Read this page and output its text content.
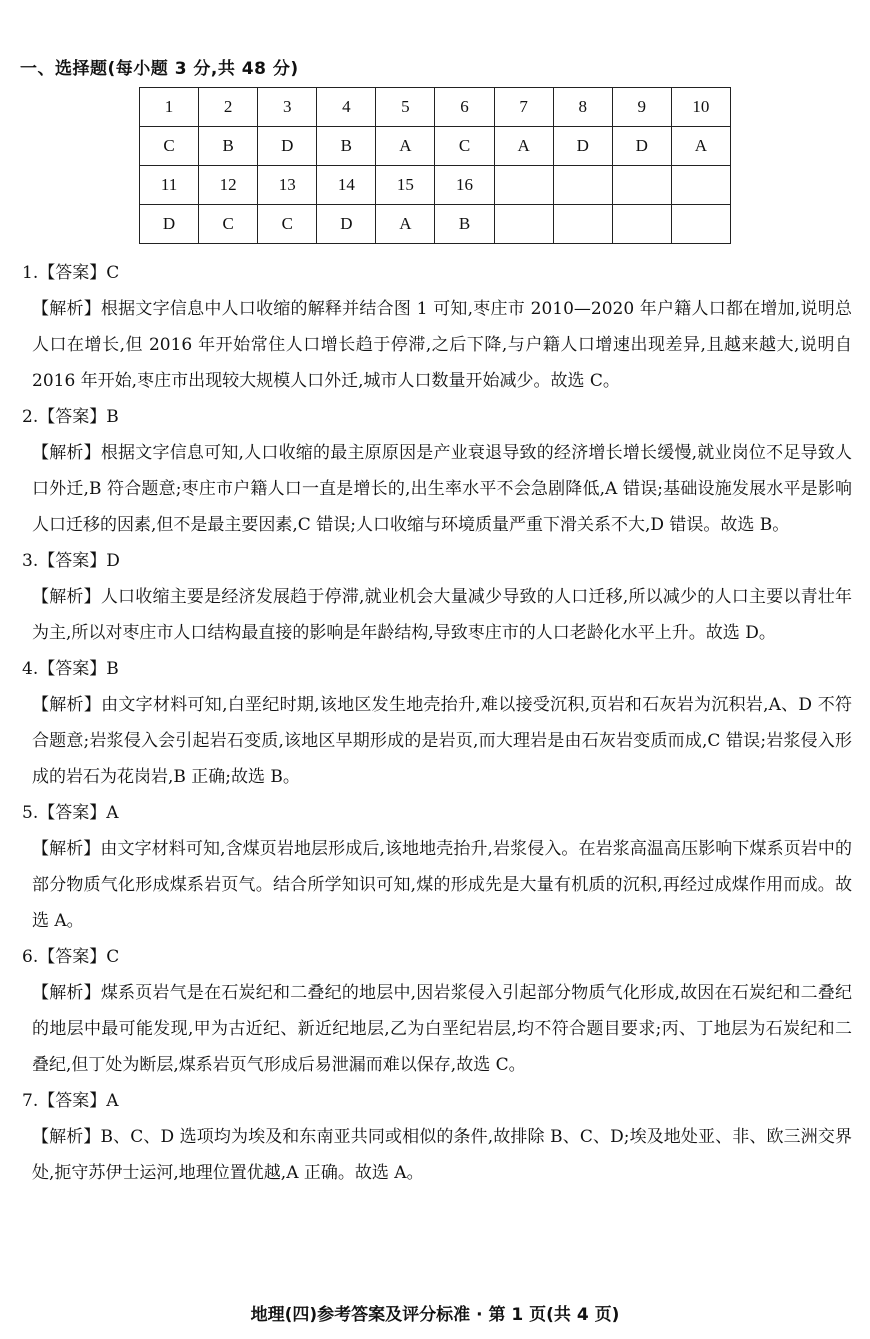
一、选择题(每小题 3 分,共 48 分)
1	2	3	4	5	6	7	8	9	10
C	B	D	B	A	C	A	D	D	A
11	12	13	14	15	16				
D	C	C	D	A	B				
1.【答案】C
【解析】根据文字信息中人口收缩的解释并结合图 1 可知,枣庄市 2010—2020 年户籍人口都在增加,说明总人口在增长,但 2016 年开始常住人口增长趋于停滞,之后下降,与户籍人口增速出现差异,且越来越大,说明自 2016 年开始,枣庄市出现较大规模人口外迁,城市人口数量开始减少。故选 C。
2.【答案】B
【解析】根据文字信息可知,人口收缩的最主原原因是产业衰退导致的经济增长增长缓慢,就业岗位不足导致人口外迁,B 符合题意;枣庄市户籍人口一直是增长的,出生率水平不会急剧降低,A 错误;基础设施发展水平是影响人口迁移的因素,但不是最主要因素,C 错误;人口收缩与环境质量严重下滑关系不大,D 错误。故选 B。
3.【答案】D
【解析】人口收缩主要是经济发展趋于停滞,就业机会大量减少导致的人口迁移,所以减少的人口主要以青壮年为主,所以对枣庄市人口结构最直接的影响是年龄结构,导致枣庄市的人口老龄化水平上升。故选 D。
4.【答案】B
【解析】由文字材料可知,白垩纪时期,该地区发生地壳抬升,难以接受沉积,页岩和石灰岩为沉积岩,A、D 不符合题意;岩浆侵入会引起岩石变质,该地区早期形成的是岩页,而大理岩是由石灰岩变质而成,C 错误;岩浆侵入形成的岩石为花岗岩,B 正确;故选 B。
5.【答案】A
【解析】由文字材料可知,含煤页岩地层形成后,该地地壳抬升,岩浆侵入。在岩浆高温高压影响下煤系页岩中的部分物质气化形成煤系岩页气。结合所学知识可知,煤的形成先是大量有机质的沉积,再经过成煤作用而成。故选 A。
6.【答案】C
【解析】煤系页岩气是在石炭纪和二叠纪的地层中,因岩浆侵入引起部分物质气化形成,故因在石炭纪和二叠纪的地层中最可能发现,甲为古近纪、新近纪地层,乙为白垩纪岩层,均不符合题目要求;丙、丁地层为石炭纪和二叠纪,但丁处为断层,煤系岩页气形成后易泄漏而难以保存,故选 C。
7.【答案】A
【解析】B、C、D 选项均为埃及和东南亚共同或相似的条件,故排除 B、C、D;埃及地处亚、非、欧三洲交界处,扼守苏伊士运河,地理位置优越,A 正确。故选 A。
地理(四)参考答案及评分标准 · 第 1 页(共 4 页)
